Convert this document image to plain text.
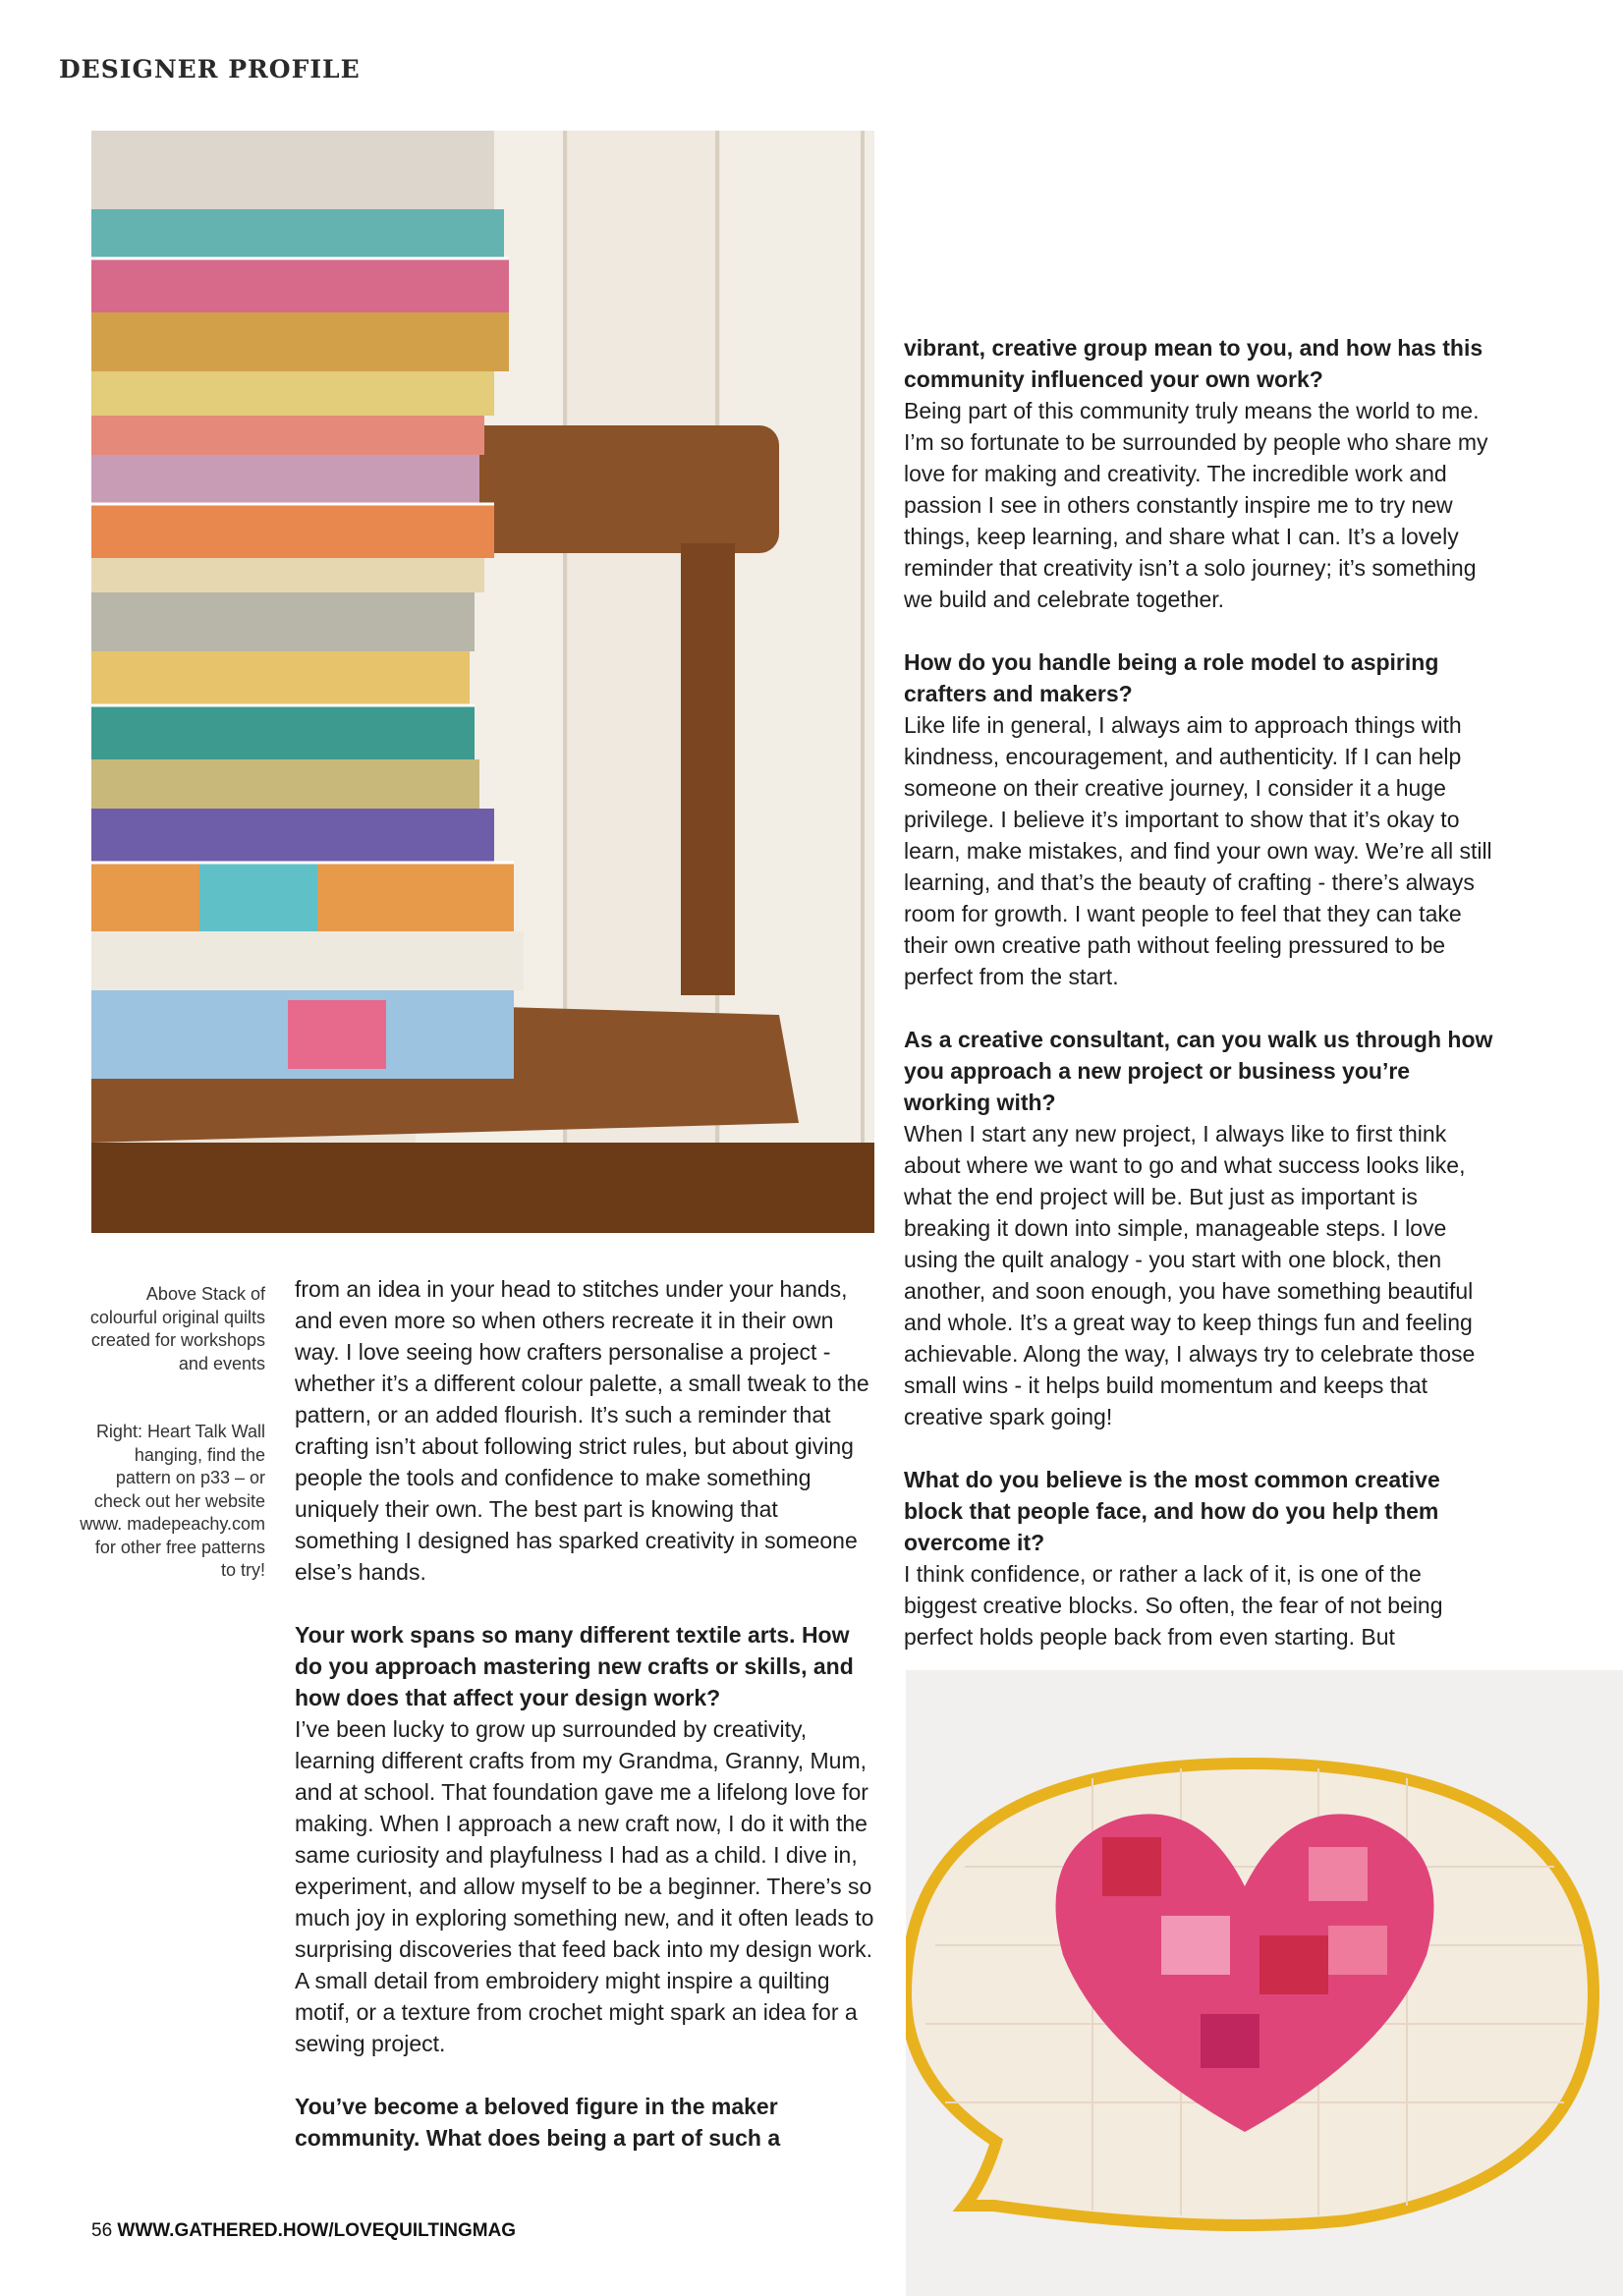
DESIGNER PROFILE
Above Stack of colourful original quilts created for workshops and events
Right: Heart Talk Wall hanging, find the pattern on p33 – or check out her website www. madepeachy.com for other free patterns to try!

from an idea in your head to stitches under your hands, and even more so when others recreate it in their own way. I love seeing how crafters personalise a project - whether it’s a different colour palette, a small tweak to the pattern, or an added flourish. It’s such a reminder that crafting isn’t about following strict rules, but about giving people the tools and confidence to make something uniquely their own. The best part is knowing that something I designed has sparked creativity in someone else’s hands.

Your work spans so many different textile arts. How do you approach mastering new crafts or skills, and how does that affect your design work?
I’ve been lucky to grow up surrounded by creativity, learning different crafts from my Grandma, Granny, Mum, and at school. That foundation gave me a lifelong love for making. When I approach a new craft now, I do it with the same curiosity and playfulness I had as a child. I dive in, experiment, and allow myself to be a beginner. There’s so much joy in exploring something new, and it often leads to surprising discoveries that feed back into my design work. A small detail from embroidery might inspire a quilting motif, or a texture from crochet might spark an idea for a sewing project.

You’ve become a beloved figure in the maker community. What does being a part of such a

vibrant, creative group mean to you, and how has this community influenced your own work?
Being part of this community truly means the world to me. I’m so fortunate to be surrounded by people who share my love for making and creativity. The incredible work and passion I see in others constantly inspire me to try new things, keep learning, and share what I can. It’s a lovely reminder that creativity isn’t a solo journey; it’s something we build and celebrate together.

How do you handle being a role model to aspiring crafters and makers?
Like life in general, I always aim to approach things with kindness, encouragement, and authenticity. If I can help someone on their creative journey, I consider it a huge privilege. I believe it’s important to show that it’s okay to learn, make mistakes, and find your own way. We’re all still learning, and that’s the beauty of crafting - there’s always room for growth. I want people to feel that they can take their own creative path without feeling pressured to be perfect from the start.

As a creative consultant, can you walk us through how you approach a new project or business you’re working with?
When I start any new project, I always like to first think about where we want to go and what success looks like, what the end project will be. But just as important is breaking it down into simple, manageable steps. I love using the quilt analogy - you start with one block, then another, and soon enough, you have something beautiful and whole. It’s a great way to keep things fun and feeling achievable. Along the way, I always try to celebrate those small wins - it helps build momentum and keeps that creative spark going!

What do you believe is the most common creative block that people face, and how do you help them overcome it?
I think confidence, or rather a lack of it, is one of the biggest creative blocks. So often, the fear of not being perfect holds people back from even starting. But

56 WWW.GATHERED.HOW/LOVEQUILTINGMAG
